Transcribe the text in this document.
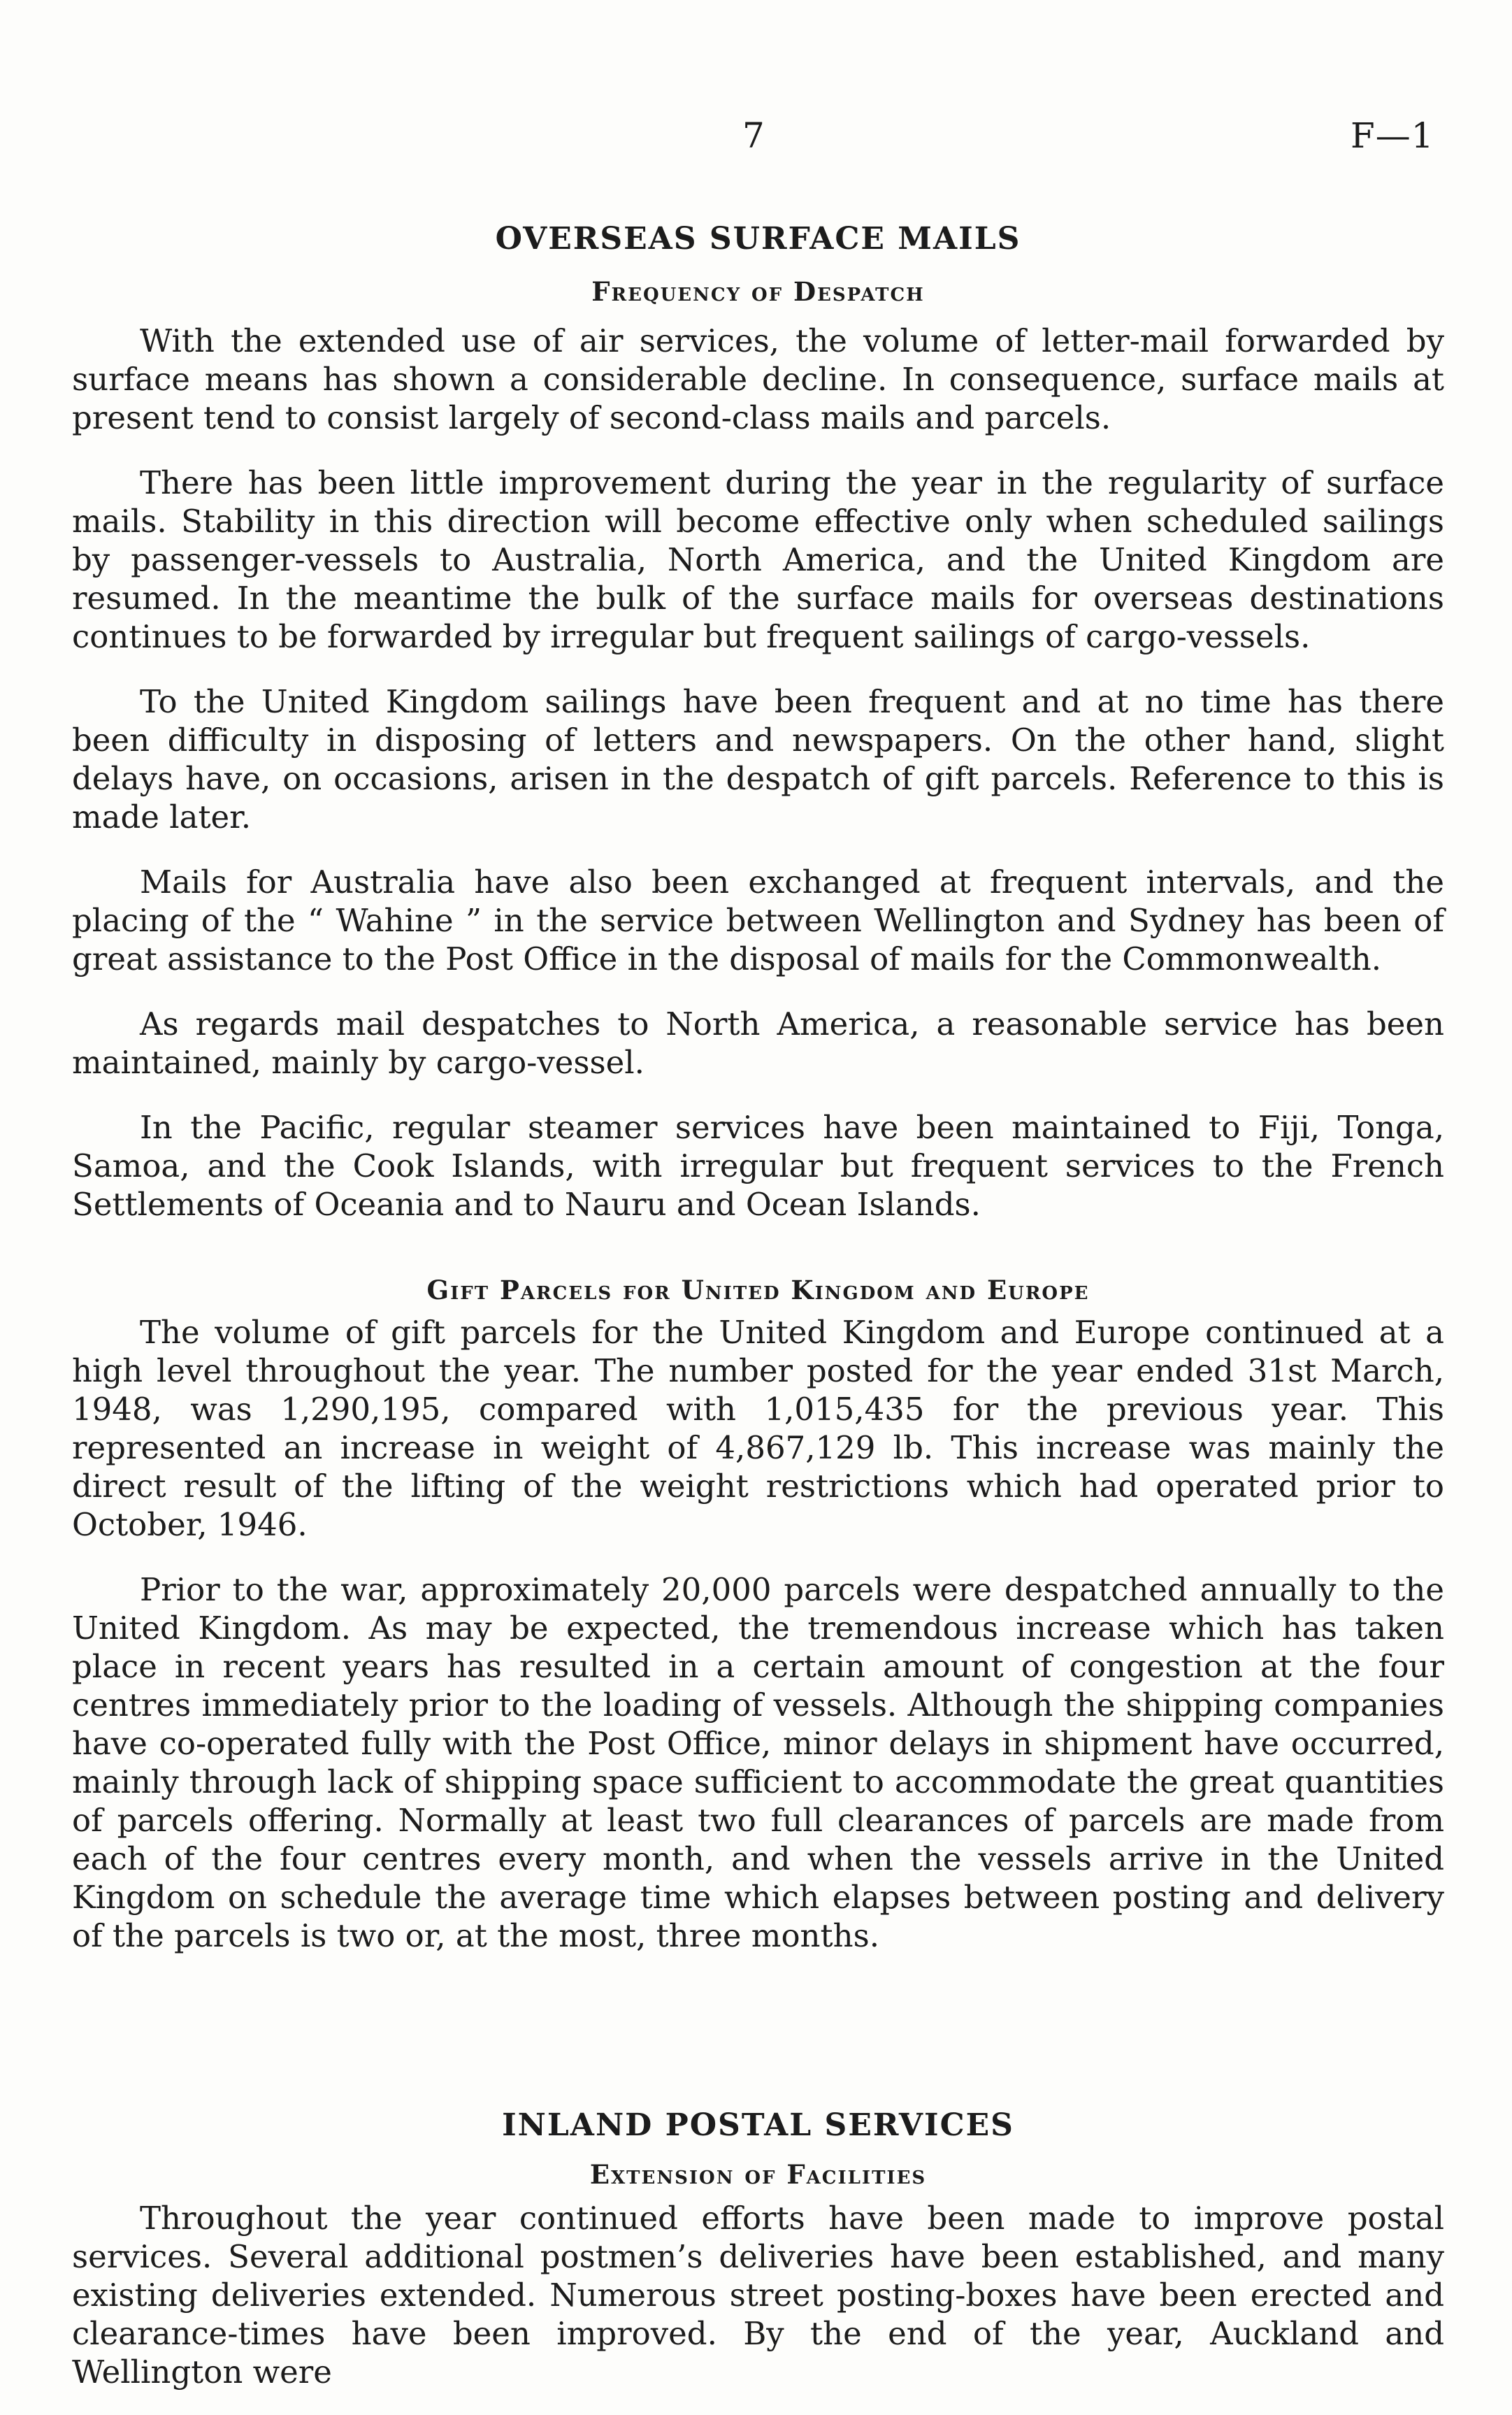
7	F—1
OVERSEAS SURFACE MAILS
Frequency of Despatch

With the extended use of air services, the volume of letter-mail forwarded by surface means has shown a considerable decline. In consequence, surface mails at present tend to consist largely of second-class mails and parcels.

There has been little improvement during the year in the regularity of surface mails. Stability in this direction will become effective only when scheduled sailings by passenger-vessels to Australia, North America, and the United Kingdom are resumed. In the meantime the bulk of the surface mails for overseas destinations continues to be forwarded by irregular but frequent sailings of cargo-vessels.

To the United Kingdom sailings have been frequent and at no time has there been difficulty in disposing of letters and newspapers. On the other hand, slight delays have, on occasions, arisen in the despatch of gift parcels. Reference to this is made later.

Mails for Australia have also been exchanged at frequent intervals, and the placing of the “ Wahine ” in the service between Wellington and Sydney has been of great assistance to the Post Office in the disposal of mails for the Commonwealth.

As regards mail despatches to North America, a reasonable service has been maintained, mainly by cargo-vessel.

In the Pacific, regular steamer services have been maintained to Fiji, Tonga, Samoa, and the Cook Islands, with irregular but frequent services to the French Settlements of Oceania and to Nauru and Ocean Islands.

Gift Parcels for United Kingdom and Europe

The volume of gift parcels for the United Kingdom and Europe continued at a high level throughout the year. The number posted for the year ended 31st March, 1948, was 1,290,195, compared with 1,015,435 for the previous year. This represented an increase in weight of 4,867,129 lb. This increase was mainly the direct result of the lifting of the weight restrictions which had operated prior to October, 1946.

Prior to the war, approximately 20,000 parcels were despatched annually to the United Kingdom. As may be expected, the tremendous increase which has taken place in recent years has resulted in a certain amount of congestion at the four centres immediately prior to the loading of vessels. Although the shipping companies have co-operated fully with the Post Office, minor delays in shipment have occurred, mainly through lack of shipping space sufficient to accommodate the great quantities of parcels offering. Normally at least two full clearances of parcels are made from each of the four centres every month, and when the vessels arrive in the United Kingdom on schedule the average time which elapses between posting and delivery of the parcels is two or, at the most, three months.

INLAND POSTAL SERVICES
Extension of Facilities

Throughout the year continued efforts have been made to improve postal services. Several additional postmen’s deliveries have been established, and many existing deliveries extended. Numerous street posting-boxes have been erected and clearance-times have been improved. By the end of the year, Auckland and Wellington were
